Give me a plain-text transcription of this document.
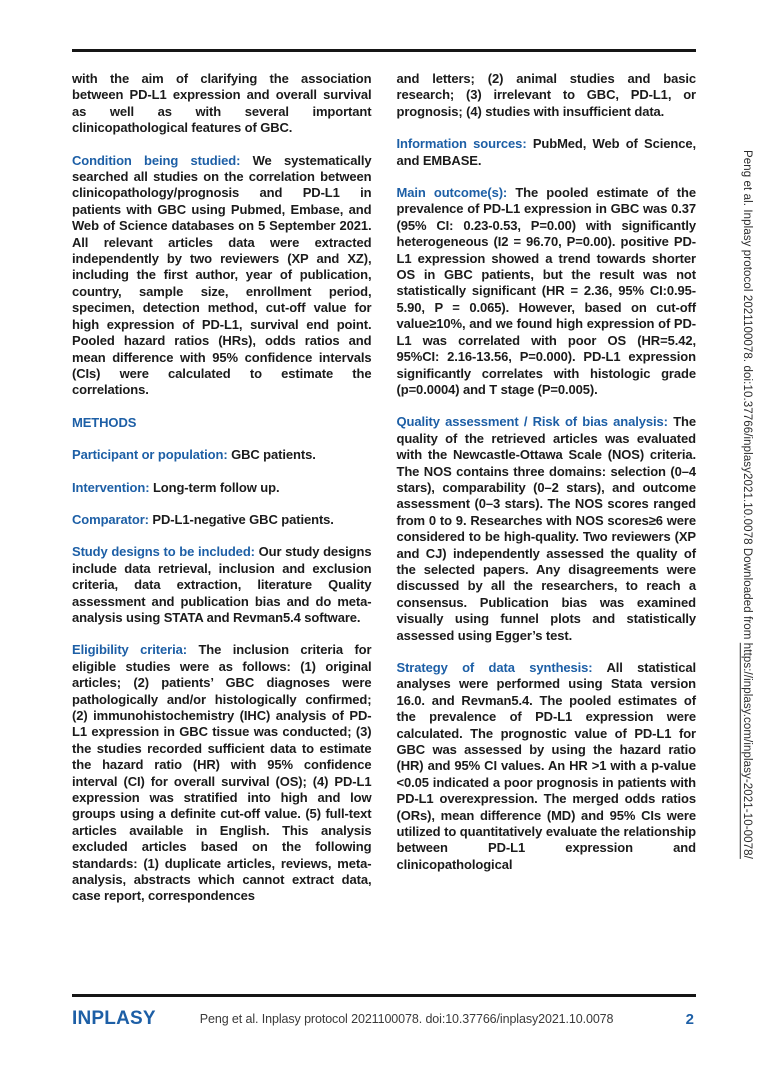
with the aim of clarifying the association between PD-L1 expression and overall survival as well as with several important clinicopathological features of GBC.

Condition being studied: We systematically searched all studies on the correlation between clinicopathology/prognosis and PD-L1 in patients with GBC using Pubmed, Embase, and Web of Science databases on 5 September 2021. All relevant articles data were extracted independently by two reviewers (XP and XZ), including the first author, year of publication, country, sample size, enrollment period, specimen, detection method, cut-off value for high expression of PD-L1, survival end point. Pooled hazard ratios (HRs), odds ratios and mean difference with 95% confidence intervals (CIs) were calculated to estimate the correlations.

METHODS

Participant or population: GBC patients.

Intervention: Long-term follow up.

Comparator: PD-L1-negative GBC patients.

Study designs to be included: Our study designs include data retrieval, inclusion and exclusion criteria, data extraction, literature Quality assessment and publication bias and do meta-analysis using STATA and Revman5.4 software.

Eligibility criteria: The inclusion criteria for eligible studies were as follows: (1) original articles; (2) patients’ GBC diagnoses were pathologically and/or histologically confirmed; (2) immunohistochemistry (IHC) analysis of PD-L1 expression in GBC tissue was conducted; (3) the studies recorded sufficient data to estimate the hazard ratio (HR) with 95% confidence interval (CI) for overall survival (OS); (4) PD-L1 expression was stratified into high and low groups using a definite cut-off value. (5) full-text articles available in English. This analysis excluded articles based on the following standards: (1) duplicate articles, reviews, meta-analysis, abstracts which cannot extract data, case report, correspondences

and letters; (2) animal studies and basic research; (3) irrelevant to GBC, PD-L1, or prognosis; (4) studies with insufficient data.

Information sources: PubMed, Web of Science, and EMBASE.

Main outcome(s): The pooled estimate of the prevalence of PD-L1 expression in GBC was 0.37 (95% CI: 0.23-0.53, P=0.00) with significantly heterogeneous (I2 = 96.70, P=0.00). positive PD-L1 expression showed a trend towards shorter OS in GBC patients, but the result was not statistically significant (HR = 2.36, 95% CI:0.95-5.90, P = 0.065). However, based on cut-off value≥10%, and we found high expression of PD-L1 was correlated with poor OS (HR=5.42, 95%CI: 2.16-13.56, P=0.000). PD-L1 expression significantly correlates with histologic grade (p=0.0004) and T stage (P=0.005).

Quality assessment / Risk of bias analysis: The quality of the retrieved articles was evaluated with the Newcastle-Ottawa Scale (NOS) criteria. The NOS contains three domains: selection (0–4 stars), comparability (0–2 stars), and outcome assessment (0–3 stars). The NOS scores ranged from 0 to 9. Researches with NOS scores≥6 were considered to be high-quality. Two reviewers (XP and CJ) independently assessed the quality of the selected papers. Any disagreements were discussed by all the researchers, to reach a consensus. Publication bias was examined visually using funnel plots and statistically assessed using Egger’s test.

Strategy of data synthesis: All statistical analyses were performed using Stata version 16.0. and Revman5.4. The pooled estimates of the prevalence of PD-L1 expression were calculated. The prognostic value of PD-L1 for GBC was assessed by using the hazard ratio (HR) and 95% CI values. An HR >1 with a p-value <0.05 indicated a poor prognosis in patients with PD-L1 overexpression. The merged odds ratios (ORs), mean difference (MD) and 95% CIs were utilized to quantitatively evaluate the relationship between PD-L1 expression and clinicopathological

Peng et al. Inplasy protocol 2021100078. doi:10.37766/inplasy2021.10.0078 Downloaded from https://inplasy.com/inplasy-2021-10-0078/
INPLASY	Peng et al. Inplasy protocol 2021100078. doi:10.37766/inplasy2021.10.0078	2
